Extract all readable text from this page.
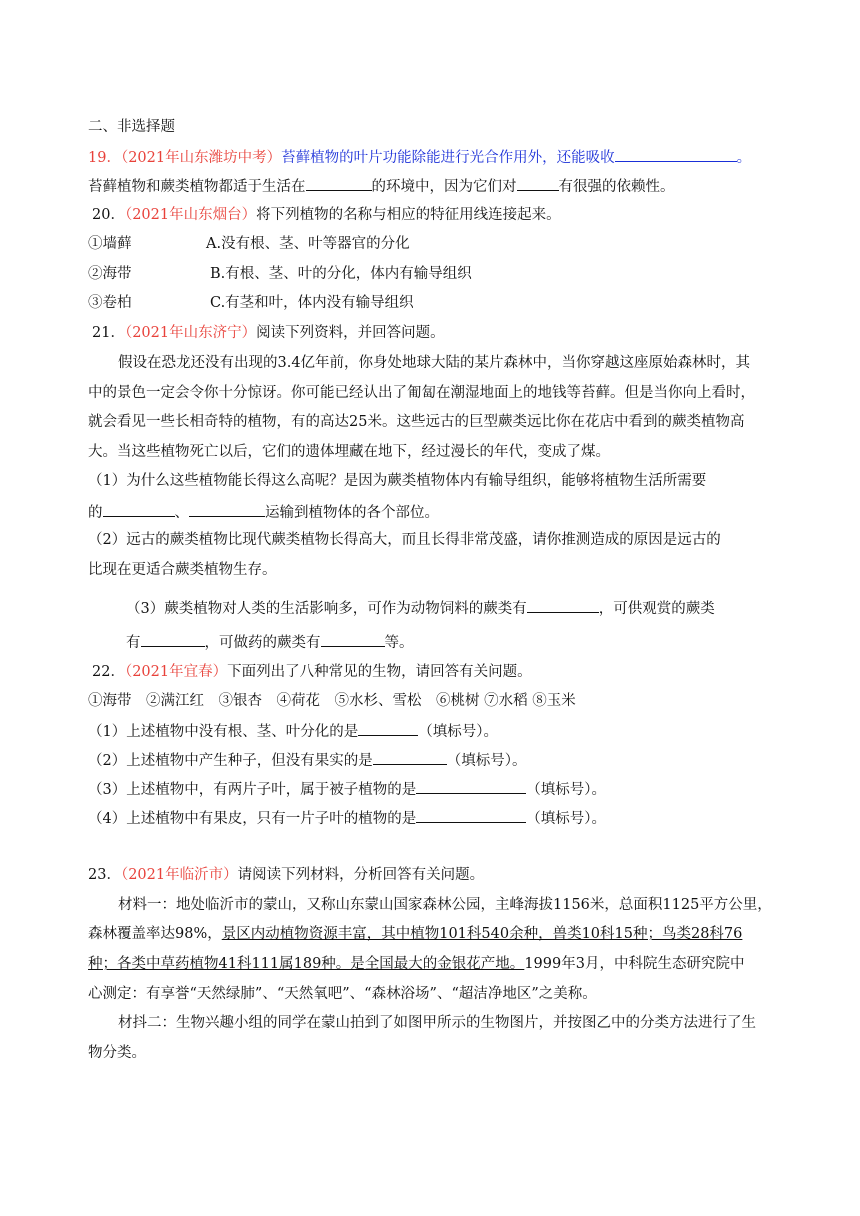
二、非选择题
19．（2021年山东潍坊中考）苔藓植物的叶片功能除能进行光合作用外，还能吸收	。
苔藓植物和蕨类植物都适于生活在	的环境中，因为它们对	有很强的依赖性。
20．（2021年山东烟台）将下列植物的名称与相应的特征用线连接起来。
①墙藓	A.没有根、茎、叶等器官的分化
②海带	B.有根、茎、叶的分化，体内有输导组织
③卷柏	C.有茎和叶，体内没有输导组织
21．（2021年山东济宁）阅读下列资料，并回答问题。
假设在恐龙还没有出现的3.4亿年前，你身处地球大陆的某片森林中，当你穿越这座原始森林时，其
中的景色一定会令你十分惊讶。你可能已经认出了匍匐在潮湿地面上的地钱等苔藓。但是当你向上看时，
就会看见一些长相奇特的植物，有的高达25米。这些远古的巨型蕨类远比你在花店中看到的蕨类植物高
大。当这些植物死亡以后，它们的遗体埋藏在地下，经过漫长的年代，变成了煤。
（1）为什么这些植物能长得这么高呢？是因为蕨类植物体内有输导组织，能够将植物生活所需要
的	、	运输到植物体的各个部位。
（2）远古的蕨类植物比现代蕨类植物长得高大，而且长得非常茂盛，请你推测造成的原因是远古的
比现在更适合蕨类植物生存。
（3）蕨类植物对人类的生活影响多，可作为动物饲料的蕨类有	，可供观赏的蕨类
有	，可做药的蕨类有	等。
22．（2021年宜春）下面列出了八种常见的生物，请回答有关问题。
①海带　②满江红　③银杏　④荷花　⑤水杉、雪松　⑥桃树 ⑦水稻 ⑧玉米
（1）上述植物中没有根、茎、叶分化的是	（填标号）。
（2）上述植物中产生种子，但没有果实的是	（填标号）。
（3）上述植物中，有两片子叶，属于被子植物的是	（填标号）。
（4）上述植物中有果皮，只有一片子叶的植物的是	（填标号）。
23．（2021年临沂市）请阅读下列材料，分析回答有关问题。
材料一：地处临沂市的蒙山，又称山东蒙山国家森林公园，主峰海拔1156米，总面积1125平方公里，
森林覆盖率达98%，景区内动植物资源丰富，其中植物101科540余种，兽类10科15种；鸟类28科76
种；各类中草药植物41科111属189种。是全国最大的金银花产地。1999年3月，中科院生态研究院中
心测定：有享誉“天然绿肺”、“天然氧吧”、“森林浴场”、“超洁净地区”之美称。
材抖二：生物兴趣小组的同学在蒙山拍到了如图甲所示的生物图片，并按图乙中的分类方法进行了生
物分类。
